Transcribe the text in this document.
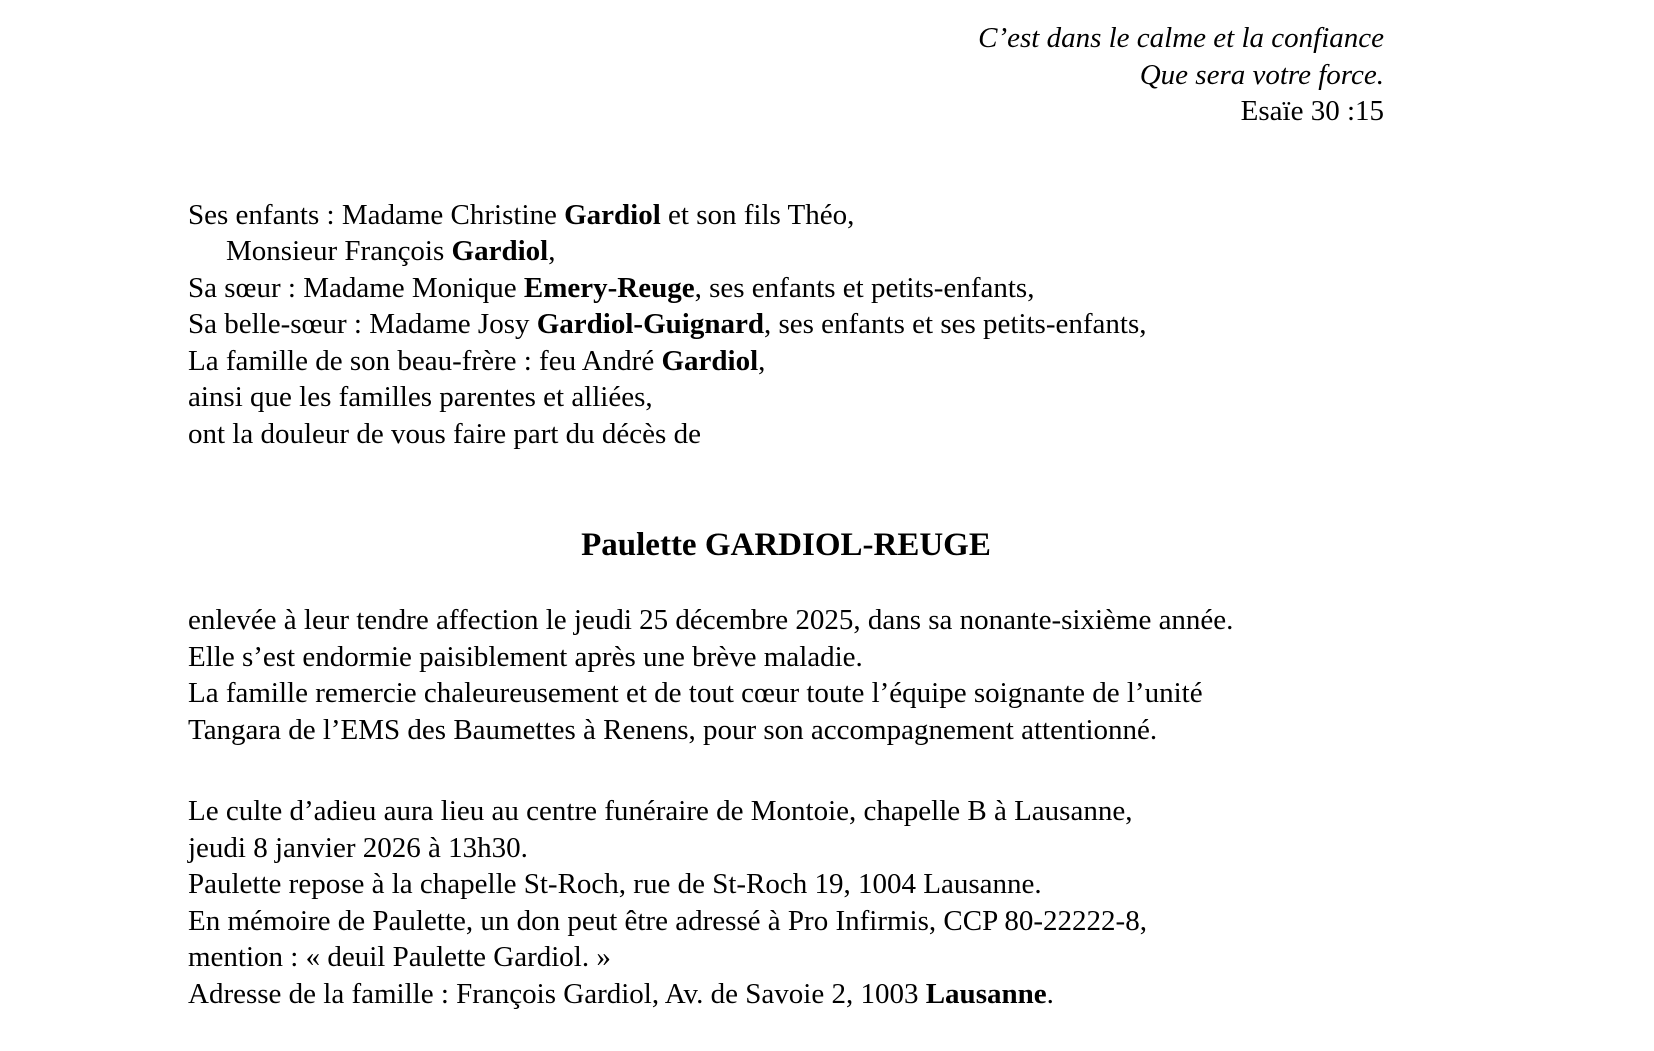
C’est dans le calme et la confiance
Que sera votre force.
Esaïe 30 :15
Ses enfants : Madame Christine Gardiol et son fils Théo,
Monsieur François Gardiol,
Sa sœur : Madame Monique Emery-Reuge, ses enfants et petits-enfants,
Sa belle-sœur : Madame Josy Gardiol-Guignard, ses enfants et ses petits-enfants,
La famille de son beau-frère : feu André Gardiol,
ainsi que les familles parentes et alliées,
ont la douleur de vous faire part du décès de
Paulette GARDIOL-REUGE
enlevée à leur tendre affection le jeudi 25 décembre 2025, dans sa nonante-sixième année.
Elle s’est endormie paisiblement après une brève maladie.
La famille remercie chaleureusement et de tout cœur toute l’équipe soignante de l’unité
Tangara de l’EMS des Baumettes à Renens, pour son accompagnement attentionné.
Le culte d’adieu aura lieu au centre funéraire de Montoie, chapelle B à Lausanne,
jeudi 8 janvier 2026 à 13h30.
Paulette repose à la chapelle St-Roch, rue de St-Roch 19, 1004 Lausanne.
En mémoire de Paulette, un don peut être adressé à Pro Infirmis, CCP 80-22222-8,
mention : « deuil Paulette Gardiol. »
Adresse de la famille : François Gardiol, Av. de Savoie 2, 1003 Lausanne.
